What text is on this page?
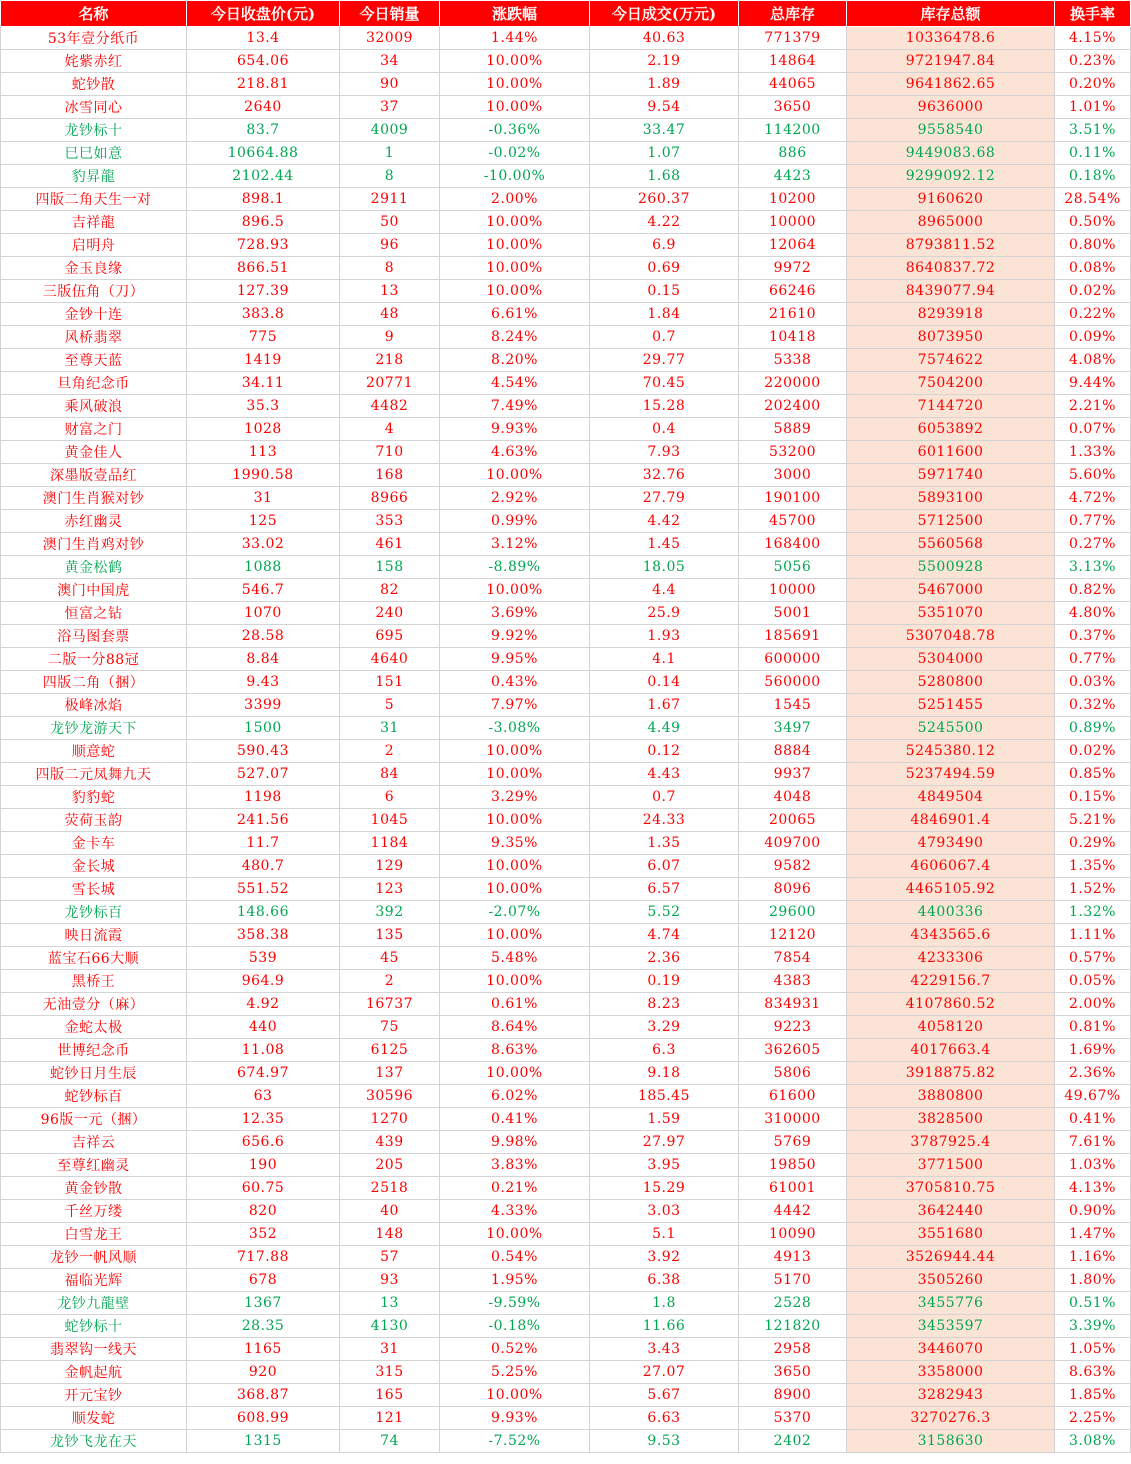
名称	今日收盘价(元)	今日销量	涨跌幅	今日成交(万元)	总库存	库存总额	换手率
53年壹分纸币	13.4	32009	1.44%	40.63	771379	10336478.6	4.15%
姹紫赤红	654.06	34	10.00%	2.19	14864	9721947.84	0.23%
蛇钞散	218.81	90	10.00%	1.89	44065	9641862.65	0.20%
冰雪同心	2640	37	10.00%	9.54	3650	9636000	1.01%
龙钞标十	83.7	4009	-0.36%	33.47	114200	9558540	3.51%
巳巳如意	10664.88	1	-0.02%	1.07	886	9449083.68	0.11%
豹昇龍	2102.44	8	-10.00%	1.68	4423	9299092.12	0.18%
四版二角天生一对	898.1	2911	2.00%	260.37	10200	9160620	28.54%
吉祥龍	896.5	50	10.00%	4.22	10000	8965000	0.50%
启明舟	728.93	96	10.00%	6.9	12064	8793811.52	0.80%
金玉良缘	866.51	8	10.00%	0.69	9972	8640837.72	0.08%
三版伍角（刀）	127.39	13	10.00%	0.15	66246	8439077.94	0.02%
金钞十连	383.8	48	6.61%	1.84	21610	8293918	0.22%
风桥翡翠	775	9	8.24%	0.7	10418	8073950	0.09%
至尊天蓝	1419	218	8.20%	29.77	5338	7574622	4.08%
旦角纪念币	34.11	20771	4.54%	70.45	220000	7504200	9.44%
乘风破浪	35.3	4482	7.49%	15.28	202400	7144720	2.21%
财富之门	1028	4	9.93%	0.4	5889	6053892	0.07%
黄金佳人	113	710	4.63%	7.93	53200	6011600	1.33%
深墨版壹品红	1990.58	168	10.00%	32.76	3000	5971740	5.60%
澳门生肖猴对钞	31	8966	2.92%	27.79	190100	5893100	4.72%
赤红幽灵	125	353	0.99%	4.42	45700	5712500	0.77%
澳门生肖鸡对钞	33.02	461	3.12%	1.45	168400	5560568	0.27%
黄金松鹤	1088	158	-8.89%	18.05	5056	5500928	3.13%
澳门中国虎	546.7	82	10.00%	4.4	10000	5467000	0.82%
恒富之钻	1070	240	3.69%	25.9	5001	5351070	4.80%
浴马图套票	28.58	695	9.92%	1.93	185691	5307048.78	0.37%
二版一分88冠	8.84	4640	9.95%	4.1	600000	5304000	0.77%
四版二角（捆）	9.43	151	0.43%	0.14	560000	5280800	0.03%
极峰冰焰	3399	5	7.97%	1.67	1545	5251455	0.32%
龙钞龙游天下	1500	31	-3.08%	4.49	3497	5245500	0.89%
顺意蛇	590.43	2	10.00%	0.12	8884	5245380.12	0.02%
四版二元凤舞九天	527.07	84	10.00%	4.43	9937	5237494.59	0.85%
豹豹蛇	1198	6	3.29%	0.7	4048	4849504	0.15%
荧荷玉韵	241.56	1045	10.00%	24.33	20065	4846901.4	5.21%
金卡车	11.7	1184	9.35%	1.35	409700	4793490	0.29%
金长城	480.7	129	10.00%	6.07	9582	4606067.4	1.35%
雪长城	551.52	123	10.00%	6.57	8096	4465105.92	1.52%
龙钞标百	148.66	392	-2.07%	5.52	29600	4400336	1.32%
映日流霞	358.38	135	10.00%	4.74	12120	4343565.6	1.11%
蓝宝石66大顺	539	45	5.48%	2.36	7854	4233306	0.57%
黑桥王	964.9	2	10.00%	0.19	4383	4229156.7	0.05%
无油壹分（麻）	4.92	16737	0.61%	8.23	834931	4107860.52	2.00%
金蛇太极	440	75	8.64%	3.29	9223	4058120	0.81%
世博纪念币	11.08	6125	8.63%	6.3	362605	4017663.4	1.69%
蛇钞日月生辰	674.97	137	10.00%	9.18	5806	3918875.82	2.36%
蛇钞标百	63	30596	6.02%	185.45	61600	3880800	49.67%
96版一元（捆）	12.35	1270	0.41%	1.59	310000	3828500	0.41%
吉祥云	656.6	439	9.98%	27.97	5769	3787925.4	7.61%
至尊红幽灵	190	205	3.83%	3.95	19850	3771500	1.03%
黄金钞散	60.75	2518	0.21%	15.29	61001	3705810.75	4.13%
千丝万缕	820	40	4.33%	3.03	4442	3642440	0.90%
白雪龙王	352	148	10.00%	5.1	10090	3551680	1.47%
龙钞一帆风顺	717.88	57	0.54%	3.92	4913	3526944.44	1.16%
福临光辉	678	93	1.95%	6.38	5170	3505260	1.80%
龙钞九龍壁	1367	13	-9.59%	1.8	2528	3455776	0.51%
蛇钞标十	28.35	4130	-0.18%	11.66	121820	3453597	3.39%
翡翠钩一线天	1165	31	0.52%	3.43	2958	3446070	1.05%
金帆起航	920	315	5.25%	27.07	3650	3358000	8.63%
开元宝钞	368.87	165	10.00%	5.67	8900	3282943	1.85%
顺发蛇	608.99	121	9.93%	6.63	5370	3270276.3	2.25%
龙钞飞龙在天	1315	74	-7.52%	9.53	2402	3158630	3.08%
